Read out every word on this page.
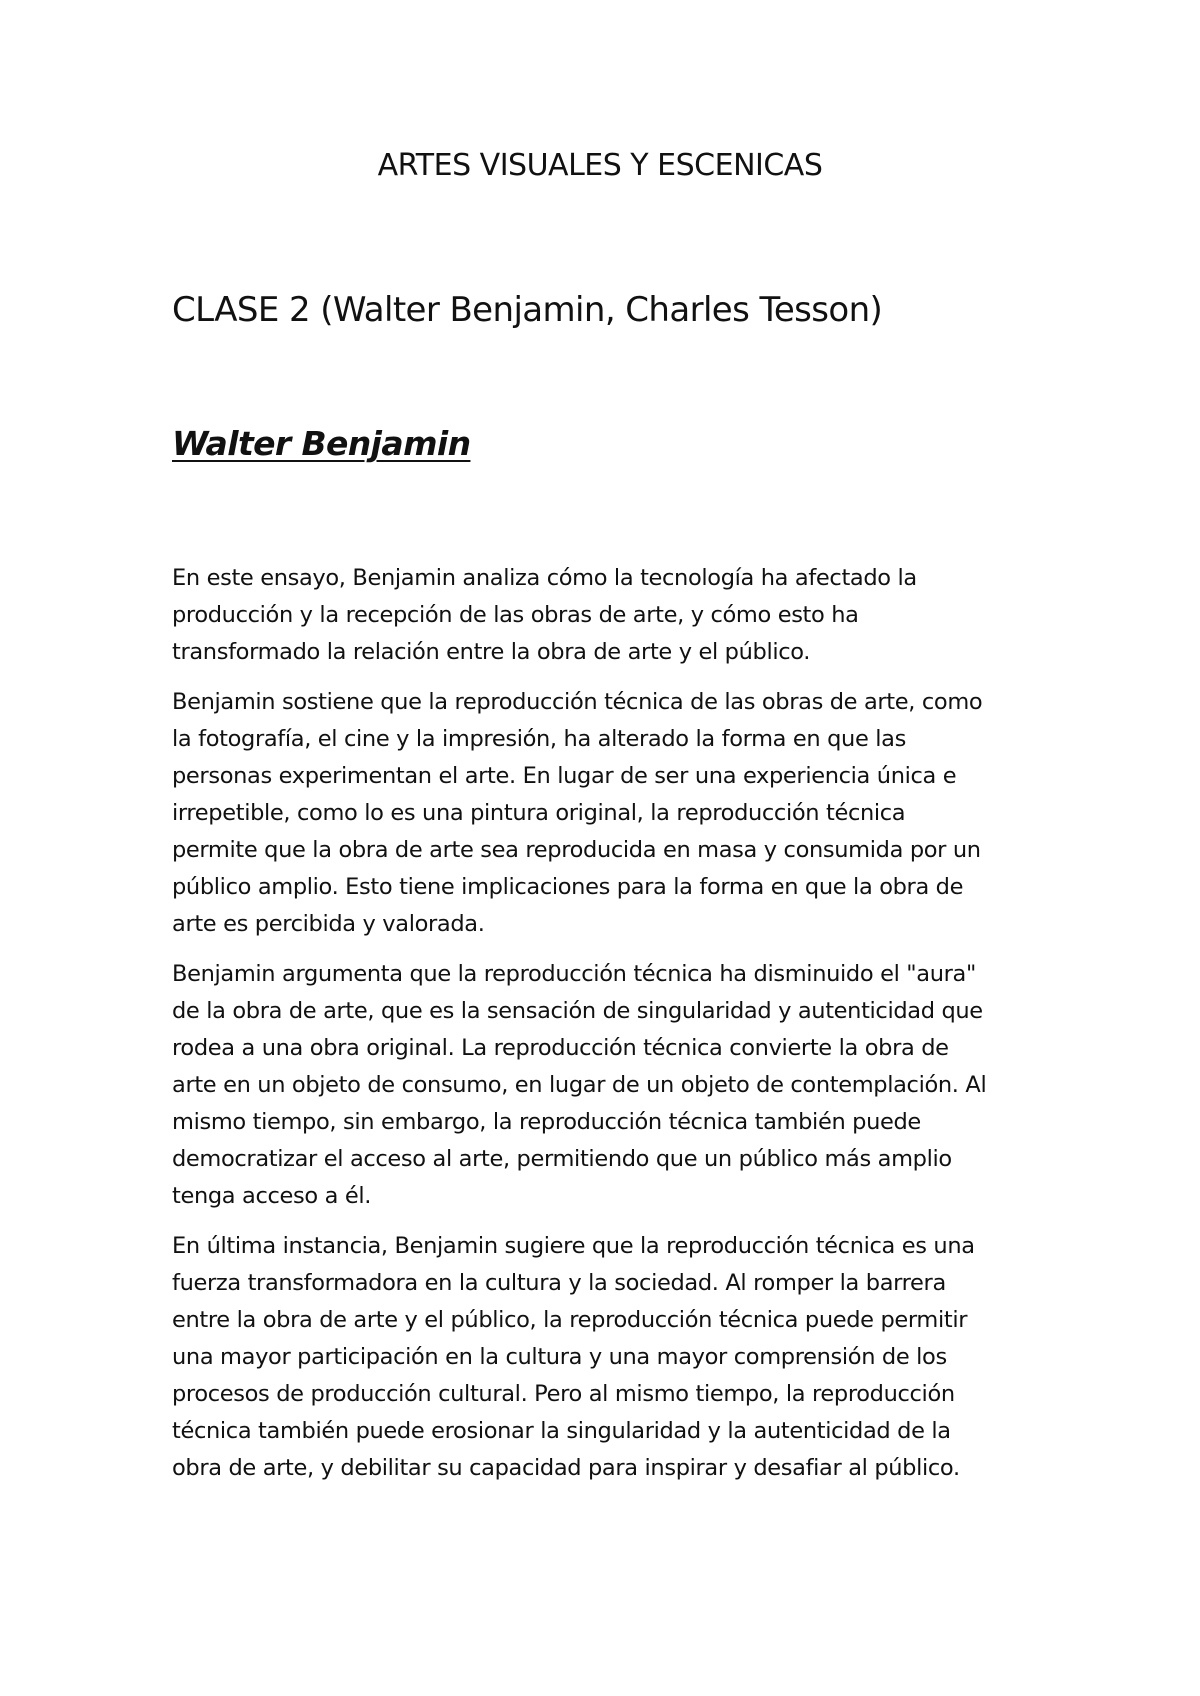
ARTES VISUALES Y ESCENICAS
CLASE 2 (Walter Benjamin, Charles Tesson)
Walter Benjamin

En este ensayo, Benjamin analiza cómo la tecnología ha afectado la
producción y la recepción de las obras de arte, y cómo esto ha
transformado la relación entre la obra de arte y el público.

Benjamin sostiene que la reproducción técnica de las obras de arte, como
la fotografía, el cine y la impresión, ha alterado la forma en que las
personas experimentan el arte. En lugar de ser una experiencia única e
irrepetible, como lo es una pintura original, la reproducción técnica
permite que la obra de arte sea reproducida en masa y consumida por un
público amplio. Esto tiene implicaciones para la forma en que la obra de
arte es percibida y valorada.

Benjamin argumenta que la reproducción técnica ha disminuido el "aura"
de la obra de arte, que es la sensación de singularidad y autenticidad que
rodea a una obra original. La reproducción técnica convierte la obra de
arte en un objeto de consumo, en lugar de un objeto de contemplación. Al
mismo tiempo, sin embargo, la reproducción técnica también puede
democratizar el acceso al arte, permitiendo que un público más amplio
tenga acceso a él.

En última instancia, Benjamin sugiere que la reproducción técnica es una
fuerza transformadora en la cultura y la sociedad. Al romper la barrera
entre la obra de arte y el público, la reproducción técnica puede permitir
una mayor participación en la cultura y una mayor comprensión de los
procesos de producción cultural. Pero al mismo tiempo, la reproducción
técnica también puede erosionar la singularidad y la autenticidad de la
obra de arte, y debilitar su capacidad para inspirar y desafiar al público.
